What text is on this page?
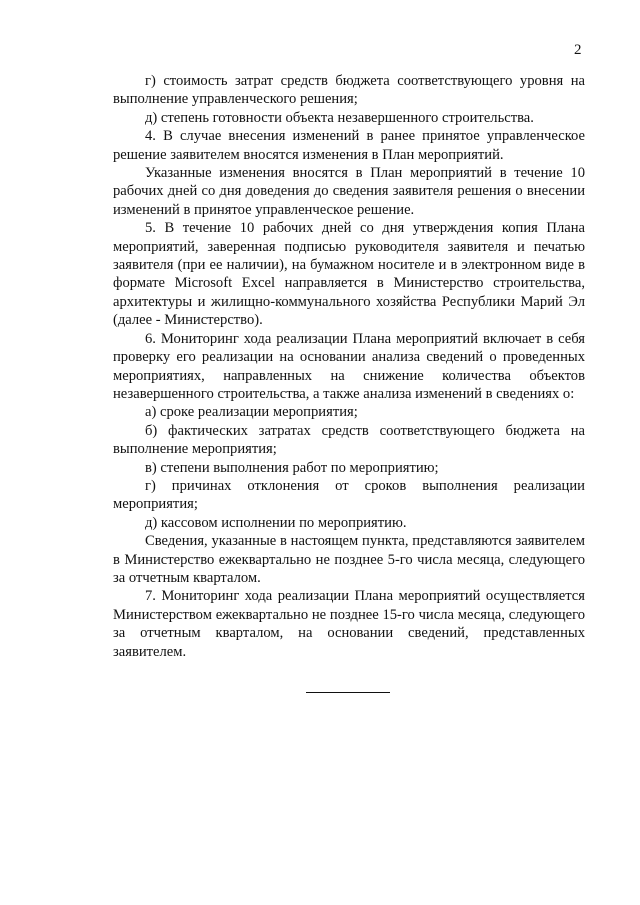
2

г) стоимость затрат средств бюджета соответствующего уровня на выполнение управленческого решения;

д) степень готовности объекта незавершенного строительства.

4. В случае внесения изменений в ранее принятое управленческое решение заявителем вносятся изменения в План мероприятий.

Указанные изменения вносятся в План мероприятий в течение 10 рабочих дней со дня доведения до сведения заявителя решения о внесении изменений в принятое управленческое решение.

5. В течение 10 рабочих дней со дня утверждения копия Плана мероприятий, заверенная подписью руководителя заявителя и печатью заявителя (при ее наличии), на бумажном носителе и в электронном виде в формате Microsoft Excel направляется в Министерство строительства, архитектуры и жилищно-коммунального хозяйства Республики Марий Эл (далее - Министерство).

6. Мониторинг хода реализации Плана мероприятий включает в себя проверку его реализации на основании анализа сведений о проведенных мероприятиях, направленных на снижение количества объектов незавершенного строительства, а также анализа изменений в сведениях о:

а) сроке реализации мероприятия;

б) фактических затратах средств соответствующего бюджета на выполнение мероприятия;

в) степени выполнения работ по мероприятию;

г) причинах отклонения от сроков выполнения реализации мероприятия;

д) кассовом исполнении по мероприятию.

Сведения, указанные в настоящем пункта, представляются заявителем в Министерство ежеквартально не позднее 5-го числа месяца, следующего за отчетным кварталом.

7. Мониторинг хода реализации Плана мероприятий осуществляется Министерством ежеквартально не позднее 15-го числа месяца, следующего за отчетным кварталом, на основании сведений, представленных заявителем.
